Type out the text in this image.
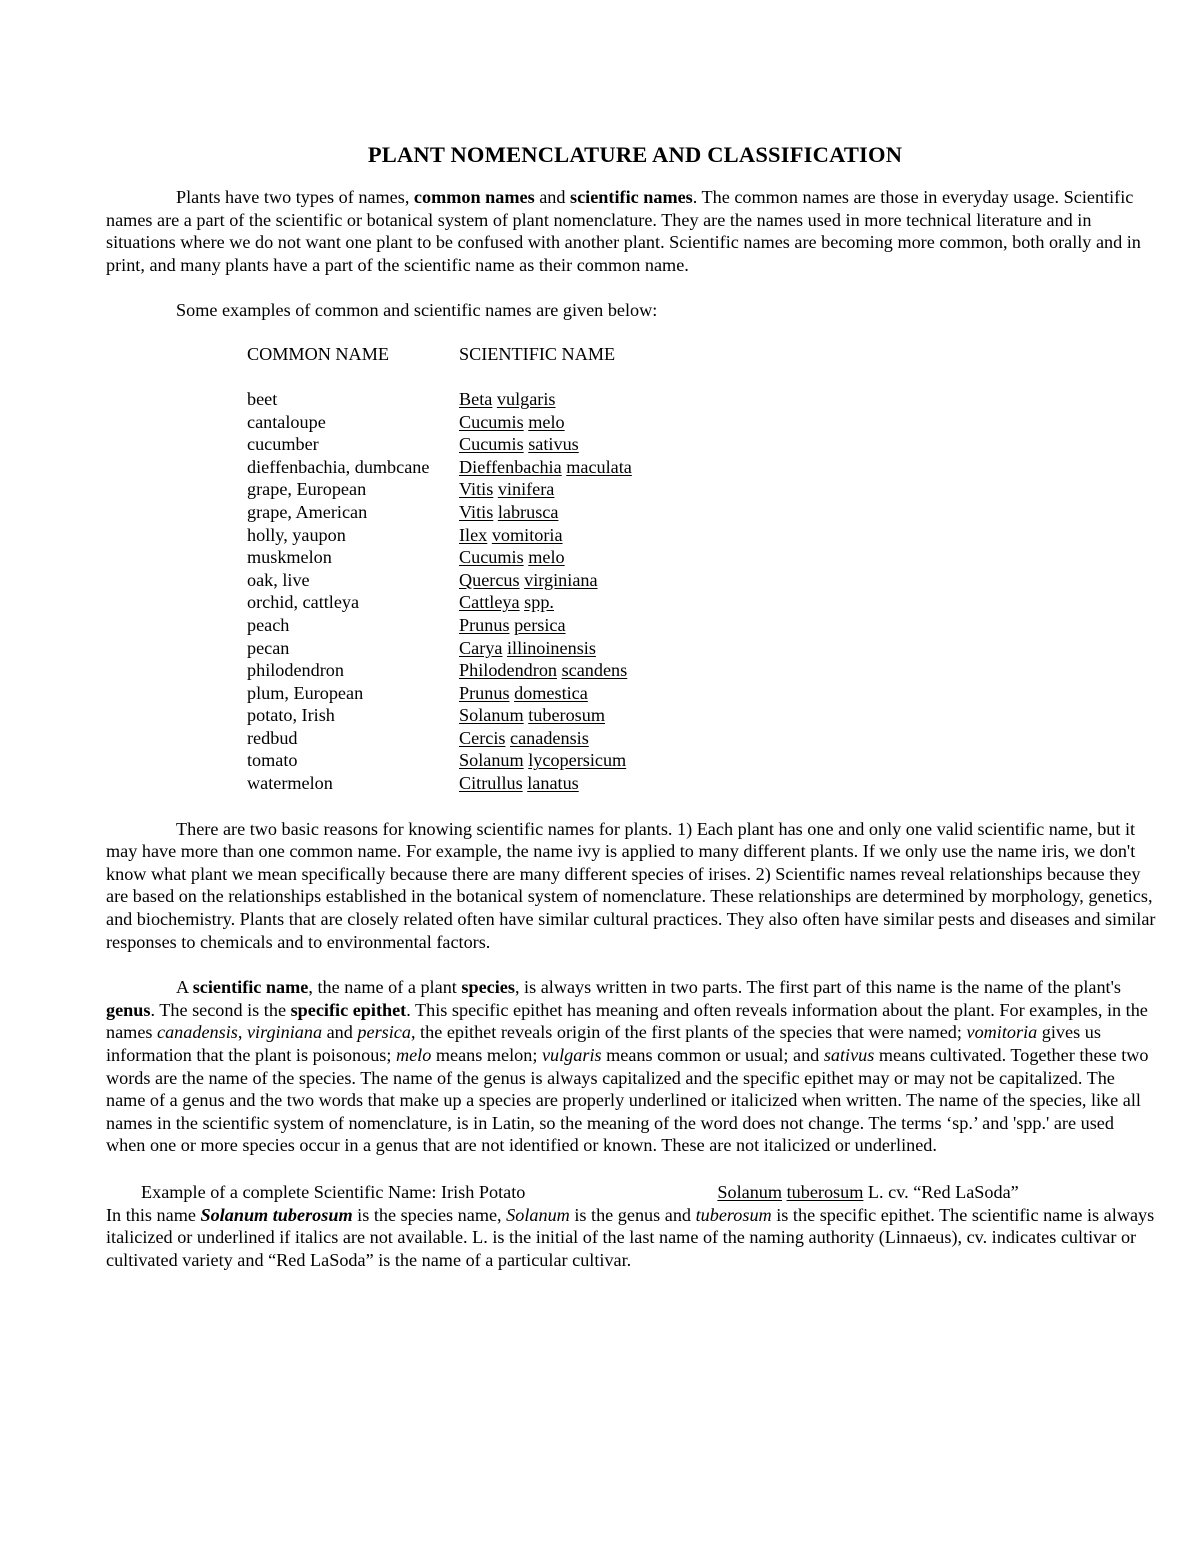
PLANT NOMENCLATURE AND CLASSIFICATION

Plants have two types of names, common names and scientific names. The common names are those in everyday usage. Scientific names are a part of the scientific or botanical system of plant nomenclature. They are the names used in more technical literature and in situations where we do not want one plant to be confused with another plant. Scientific names are becoming more common, both orally and in print, and many plants have a part of the scientific name as their common name.

Some examples of common and scientific names are given below:

COMMON NAME	SCIENTIFIC NAME
beet	Beta vulgaris
cantaloupe	Cucumis melo
cucumber	Cucumis sativus
dieffenbachia, dumbcane	Dieffenbachia maculata
grape, European	Vitis vinifera
grape, American	Vitis labrusca
holly, yaupon	Ilex vomitoria
muskmelon	Cucumis melo
oak, live	Quercus virginiana
orchid, cattleya	Cattleya spp.
peach	Prunus persica
pecan	Carya illinoinensis
philodendron	Philodendron scandens
plum, European	Prunus domestica
potato, Irish	Solanum tuberosum
redbud	Cercis canadensis
tomato	Solanum lycopersicum
watermelon	Citrullus lanatus

There are two basic reasons for knowing scientific names for plants. 1) Each plant has one and only one valid scientific name, but it may have more than one common name. For example, the name ivy is applied to many different plants. If we only use the name iris, we don't know what plant we mean specifically because there are many different species of irises. 2) Scientific names reveal relationships because they are based on the relationships established in the botanical system of nomenclature. These relationships are determined by morphology, genetics, and biochemistry. Plants that are closely related often have similar cultural practices. They also often have similar pests and diseases and similar responses to chemicals and to environmental factors.

A scientific name, the name of a plant species, is always written in two parts. The first part of this name is the name of the plant's genus. The second is the specific epithet. This specific epithet has meaning and often reveals information about the plant. For examples, in the names canadensis, virginiana and persica, the epithet reveals origin of the first plants of the species that were named; vomitoria gives us information that the plant is poisonous; melo means melon; vulgaris means common or usual; and sativus means cultivated. Together these two words are the name of the species. The name of the genus is always capitalized and the specific epithet may or may not be capitalized. The name of a genus and the two words that make up a species are properly underlined or italicized when written. The name of the species, like all names in the scientific system of nomenclature, is in Latin, so the meaning of the word does not change. The terms ‘sp.’ and 'spp.' are used when one or more species occur in a genus that are not identified or known. These are not italicized or underlined.

Example of a complete Scientific Name: Irish Potato	Solanum tuberosum L. cv. “Red LaSoda”

In this name Solanum tuberosum is the species name, Solanum is the genus and tuberosum is the specific epithet. The scientific name is always italicized or underlined if italics are not available. L. is the initial of the last name of the naming authority (Linnaeus), cv. indicates cultivar or cultivated variety and “Red LaSoda” is the name of a particular cultivar.
